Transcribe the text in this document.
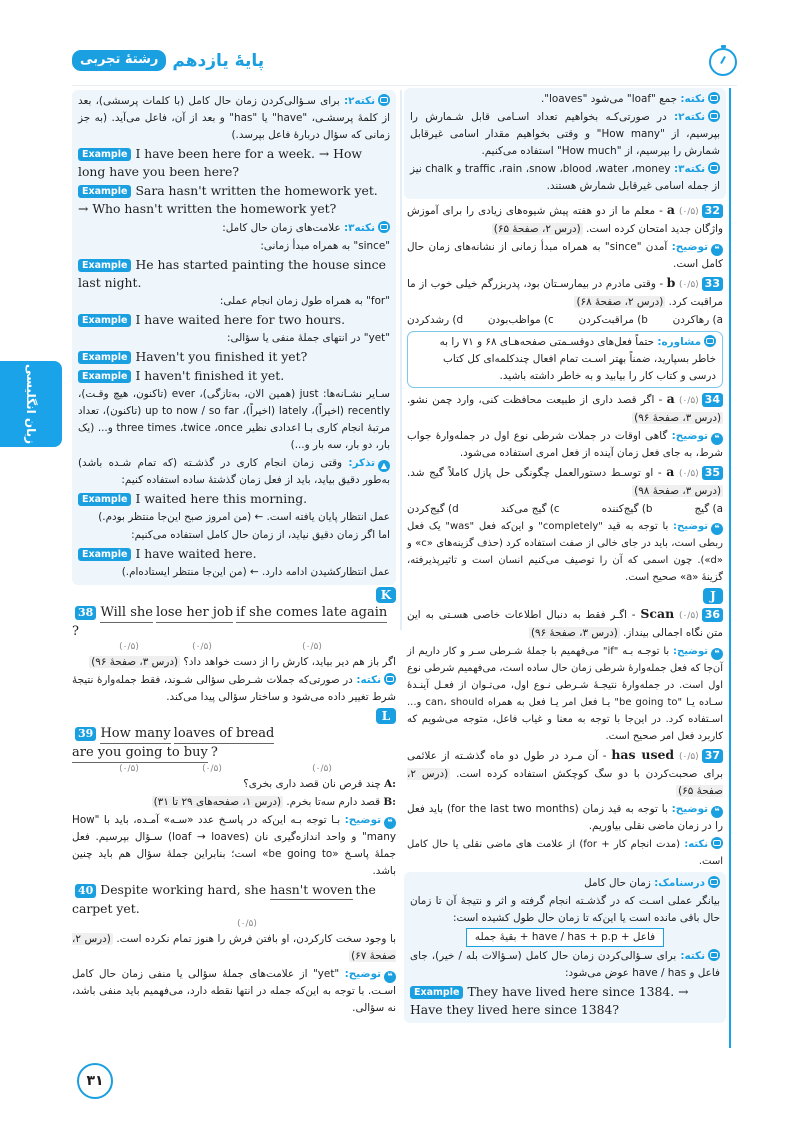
پایهٔ یازدهم
رشتهٔ تجربی
زبان انگلیسی

نکته۲: برای سـؤالی‌کردن زمان حال کامل (با کلمات پرسشی)، بعد از کلمهٔ پرسشـی، "have" یا "has" و بعد از آن، فاعل می‌آید. (به جز زمانی که سؤال دربارهٔ فاعل بپرسد.)

Example I have been here for a week. → How long have you been here?
Example Sara hasn't written the homework yet. → Who hasn't written the homework yet?

نکته۳: علامت‌های زمان حال کامل:

"since" به همراه مبدأ زمانی:

Example He has started painting the house since last night.

"for" به همراه طول زمان انجام عملی:

Example I have waited here for two hours.

"yet" در انتهای جملهٔ منفی یا سؤالی:

Example Haven't you finished it yet?
Example I haven't finished it yet.

سـایر نشـانه‌ها: just (همین الان، به‌تازگی)، ever (تاکنون، هیچ وقـت)، recently (اخیراً)، lately (اخیراً)، up to now / so far (تاکنون)، تعداد مرتبهٔ انجام کاری بـا اعدادی نظیر three times ،twice ،once و... (یک بار، دو بار، سه بار و...)

▲تذکر: وقتی زمان انجام کاری در گذشـته (که تمام شـده باشد) به‌طور دقیق بیاید، باید از فعل زمان گذشتهٔ ساده استفاده کنیم:

Example I waited here this morning.

عمل انتظار پایان یافته است. ← (من امروز صبح این‌جا منتظر بودم.)

اما اگر زمان دقیق نیاید، از زمان حال کامل استفاده می‌کنیم:

Example I have waited here.

عمل انتظارکشیدن ادامه دارد. ← (من این‌جا منتظر ایستاده‌ام.)

K
38 Will she lose her job if she comes late again?
(۰/۵)	(۰/۵)	(۰/۵)

اگر باز هم دیر بیاید، کارش را از دست خواهد داد؟ (درس ۳، صفحهٔ ۹۶)

نکته: در صورتی‌که جملات شـرطی سؤالی شـوند، فقط جمله‌وارهٔ نتیجهٔ شرط تغییر داده می‌شود و ساختار سؤالی پیدا می‌کند.

L
39 How many loaves of breadare you going to buy ?
(۰/۵)	(۰/۵)	(۰/۵)

A: چند قرص نان قصد داری بخری؟

B: قصد دارم سه‌تا بخرم. (درس ۱، صفحه‌های ۲۹ تا ۳۱)

❝توضیح: بـا توجه بـه این‌که در پاسـخ عدد «سـه» آمـده، باید با "How many" و واحد اندازه‌گیری نان (loaf → loaves) سـؤال بپرسیم. فعل جملهٔ پاسـخ «be going to» است؛ بنابراین جملهٔ سؤال هم باید چنین باشد.

40 Despite working hard, she hasn't woven the carpet yet.
(۰/۵)

با وجود سخت کارکردن، او بافتن فرش را هنوز تمام نکرده است. (درس ۲، صفحهٔ ۶۷)

❝توضیح: "yet" از علامت‌های جملهٔ سؤالی یا منفی زمان حال کامل اسـت. با توجه به این‌که جمله در انتها نقطه دارد، می‌فهمیم باید منفی باشد، نه سؤالی.

نکته: جمع "loaf" می‌شود "loaves".

نکته۲: در صورتی‌کـه بخواهیم تعداد اسـامی قابل شـمارش را بپرسیم، از "How many" و وقتی بخواهیم مقدار اسامی غیرقابل شمارش را بپرسیم، از "How much" استفاده می‌کنیم.

نکته۳: traffic ،rain ،snow ،blood ،water ،money و chalk نیز از جمله اسامی غیرقابل شمارش هستند.

32a (۰/۵) - معلم ما از دو هفته پیش شیوه‌های زیادی را برای آموزش واژگان جدید امتحان کرده است. (درس ۲، صفحهٔ ۶۵)

❝توضیح: آمدن "since" به همراه مبدأ زمانی از نشانه‌های زمان حال کامل است.

33b (۰/۵) - وقتی مادرم در بیمارسـتان بود، پدربزرگم خیلی خوب از ما مراقبت کرد. (درس ۲، صفحهٔ ۶۸)

a) رهاکردن
b) مراقبت‌کردن
c) مواظب‌بودن
d) رشدکردن
مشاوره: حتماً فعل‌های دوقسـمتی صفحه‌هـای ۶۸ و ۷۱ را به خاطر بسپارید، ضمناً بهتر اسـت تمام افعال چندکلمه‌ای کل کتاب درسی و کتاب کار را بیابید و به خاطر داشته باشید.

34a (۰/۵) - اگر قصد داری از طبیعت محافظت کنی، وارد چمن نشو. (درس ۳، صفحهٔ ۹۶)

❝توضیح: گاهی اوقات در جملات شرطی نوع اول در جمله‌وارهٔ جواب شرط، به جای فعل زمان آینده از فعل امری استفاده می‌شود.

35a (۰/۵) - او توسـط دستورالعمل چگونگی حل پازل کاملاً گیج شد. (درس ۳، صفحهٔ ۹۸)

a) گیج
b) گیج‌کننده
c) گیج می‌کند
d) گیج‌کردن

❝توضیح: با توجه به قید "completely" و این‌که فعل "was" یک فعل ربطی است، باید در جای خالی از صفت استفاده کرد (حذف گزینه‌های «c» و «d»). چون اسمی که آن را توصیف می‌کنیم انسان است و تاثیرپذیرفته، گزینهٔ «a» صحیح است.

J

36Scan (۰/۵) - اگـر فقط به دنبال اطلاعات خاصی هسـتی به این متن نگاه اجمالی بینداز. (درس ۳، صفحهٔ ۹۶)

❝توضیح: با توجـه بـه "if" می‌فهمیم با جملهٔ شـرطی سـر و کار داریم از آن‌جا که فعل جمله‌وارهٔ شرطی زمان حال ساده است، می‌فهمیم شرطی نوع اول است. در جمله‌وارهٔ نتیجـهٔ شـرطی نـوع اول، می‌تـوان از فعـل آینـدهٔ سـاده یـا "be going to" یـا فعل امر یـا فعل به همراه can، should و... اسـتفاده کرد. در این‌جا با توجه به معنا و غیاب فاعل، متوجه می‌شویم که کاربرد فعل امر صحیح است.

37has used (۰/۵) - آن مـرد در طول دو ماه گذشـته از علائمی برای صحبت‌کردن با دو سگ کوچکش استفاده کرده است. (درس ۲، صفحهٔ ۶۵)

❝توضیح: با توجه به قید زمان (for the last two months) باید فعل را در زمان ماضی نقلی بیاوریم.

نکته: (مدت انجام کار + for) از علامت های ماضی نقلی یا حال کامل است.

درسنامک: زمان حال کامل

بیانگر عملی اسـت که در گذشـته انجام گرفته و اثر و نتیجهٔ آن تا زمان حال باقی مانده است یا این‌که تا زمان حال طول کشیده است:

فاعل + have / has + p.p + بقیهٔ جمله

نکته: برای سـؤالی‌کردن زمان حال کامل (سـؤالات بله / خیر)، جای فاعل و have / has عوض می‌شود:

Example They have lived here since 1384. → Have they lived here since 1384?
۳۱
